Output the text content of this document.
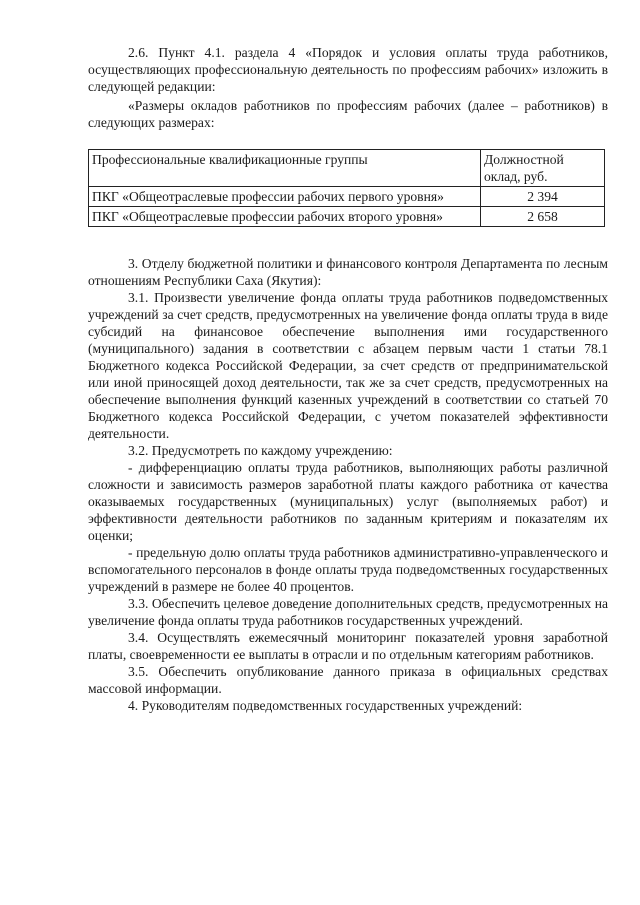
2.6. Пункт 4.1. раздела 4 «Порядок и условия оплаты труда работников, осуществляющих профессиональную деятельность по профессиям рабочих» изложить в следующей редакции:

«Размеры окладов работников по профессиям рабочих (далее – работников) в следующих размерах:

Профессиональные квалификационные группы	Должностной оклад, руб.
ПКГ «Общеотраслевые профессии рабочих первого уровня»	2 394
ПКГ «Общеотраслевые профессии рабочих второго уровня»	2 658

3. Отделу бюджетной политики и финансового контроля Департамента по лесным отношениям Республики Саха (Якутия):

3.1. Произвести увеличение фонда оплаты труда работников подведомственных учреждений за счет средств, предусмотренных на увеличение фонда оплаты труда в виде субсидий на финансовое обеспечение выполнения ими государственного (муниципального) задания в соответствии с абзацем первым части 1 статьи 78.1 Бюджетного кодекса Российской Федерации, за счет средств от предпринимательской или иной приносящей доход деятельности, так же за счет средств, предусмотренных на обеспечение выполнения функций казенных учреждений в соответствии со статьей 70 Бюджетного кодекса Российской Федерации, с учетом показателей эффективности деятельности.

3.2. Предусмотреть по каждому учреждению:

- дифференциацию оплаты труда работников, выполняющих работы различной сложности и зависимость размеров заработной платы каждого работника от качества оказываемых государственных (муниципальных) услуг (выполняемых работ) и эффективности деятельности работников по заданным критериям и показателям их оценки;

- предельную долю оплаты труда работников административно-управленческого и вспомогательного персоналов в фонде оплаты труда подведомственных государственных учреждений в размере не более 40 процентов.

3.3. Обеспечить целевое доведение дополнительных средств, предусмотренных на увеличение фонда оплаты труда работников государственных учреждений.

3.4. Осуществлять ежемесячный мониторинг показателей уровня заработной платы, своевременности ее выплаты в отрасли и по отдельным категориям работников.

3.5. Обеспечить опубликование данного приказа в официальных средствах массовой информации.

4. Руководителям подведомственных государственных учреждений:
